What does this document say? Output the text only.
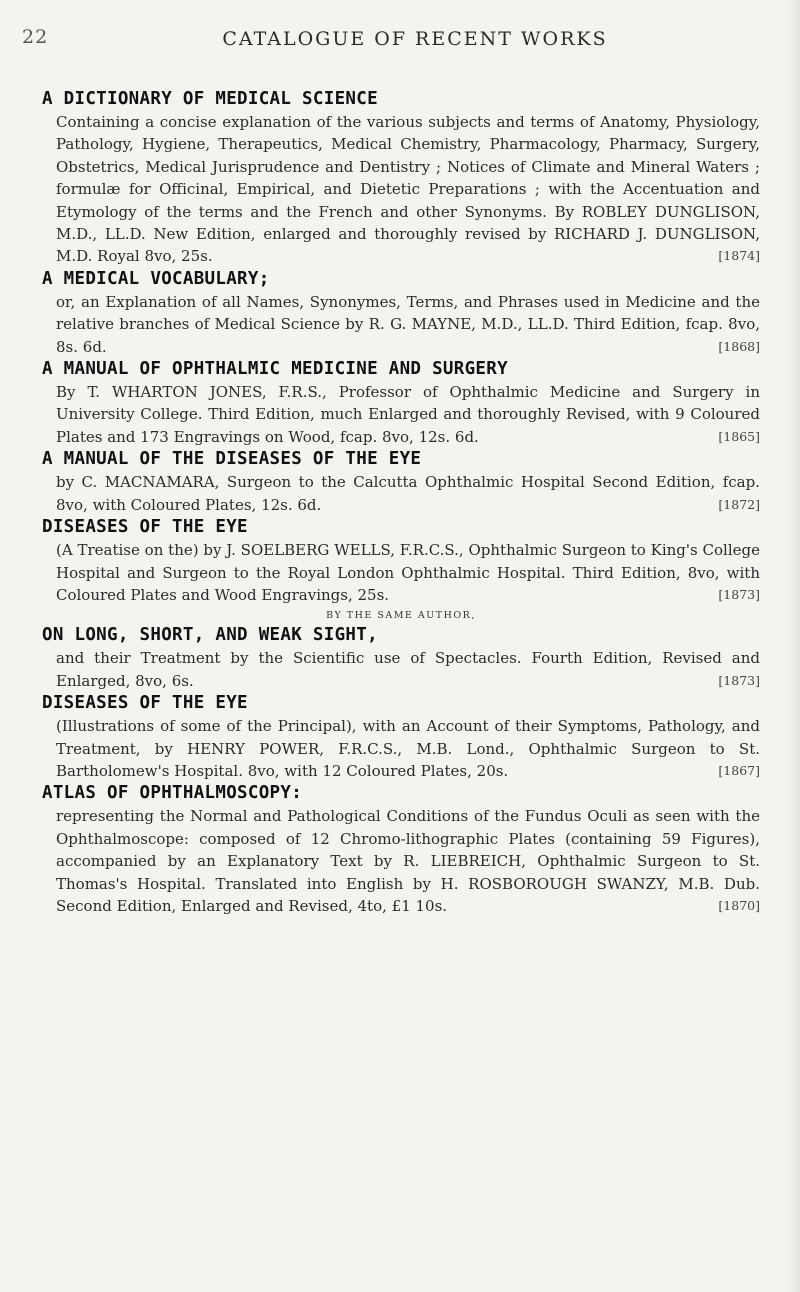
22	CATALOGUE OF RECENT WORKS
A DICTIONARY OF MEDICAL SCIENCE
Containing a concise explanation of the various subjects and terms of Anatomy, Physiology, Pathology, Hygiene, Therapeutics, Medical Chemistry, Pharmacology, Pharmacy, Surgery, Obstetrics, Medical Jurisprudence and Dentistry ; Notices of Climate and Mineral Waters ; formulæ for Officinal, Empirical, and Dietetic Preparations ; with the Accentuation and Etymology of the terms and the French and other Synonyms. By ROBLEY DUNGLISON, M.D., LL.D. New Edition, enlarged and thoroughly revised by RICHARD J. DUNGLISON, M.D. Royal 8vo, 25s.	[1874]
A MEDICAL VOCABULARY;
or, an Explanation of all Names, Synonymes, Terms, and Phrases used in Medicine and the relative branches of Medical Science by R. G. MAYNE, M.D., LL.D. Third Edition, fcap. 8vo, 8s. 6d.	[1868]
A MANUAL OF OPHTHALMIC MEDICINE AND SURGERY
By T. WHARTON JONES, F.R.S., Professor of Ophthalmic Medicine and Surgery in University College. Third Edition, much Enlarged and thoroughly Revised, with 9 Coloured Plates and 173 Engravings on Wood, fcap. 8vo, 12s. 6d.	[1865]
A MANUAL OF THE DISEASES OF THE EYE
by C. MACNAMARA, Surgeon to the Calcutta Ophthalmic Hospital Second Edition, fcap. 8vo, with Coloured Plates, 12s. 6d.	[1872]
DISEASES OF THE EYE
(A Treatise on the) by J. SOELBERG WELLS, F.R.C.S., Ophthalmic Surgeon to King's College Hospital and Surgeon to the Royal London Ophthalmic Hospital. Third Edition, 8vo, with Coloured Plates and Wood Engravings, 25s.	[1873]
BY THE SAME AUTHOR,
ON LONG, SHORT, AND WEAK SIGHT,
and their Treatment by the Scientific use of Spectacles. Fourth Edition, Revised and Enlarged, 8vo, 6s.	[1873]
DISEASES OF THE EYE
(Illustrations of some of the Principal), with an Account of their Symptoms, Pathology, and Treatment, by HENRY POWER, F.R.C.S., M.B. Lond., Ophthalmic Surgeon to St. Bartholomew's Hospital. 8vo, with 12 Coloured Plates, 20s.	[1867]
ATLAS OF OPHTHALMOSCOPY:
representing the Normal and Pathological Conditions of the Fundus Oculi as seen with the Ophthalmoscope: composed of 12 Chromo-lithographic Plates (containing 59 Figures), accompanied by an Explanatory Text by R. LIEBREICH, Ophthalmic Surgeon to St. Thomas's Hospital. Translated into English by H. ROSBOROUGH SWANZY, M.B. Dub. Second Edition, Enlarged and Revised, 4to, £1 10s.	[1870]
